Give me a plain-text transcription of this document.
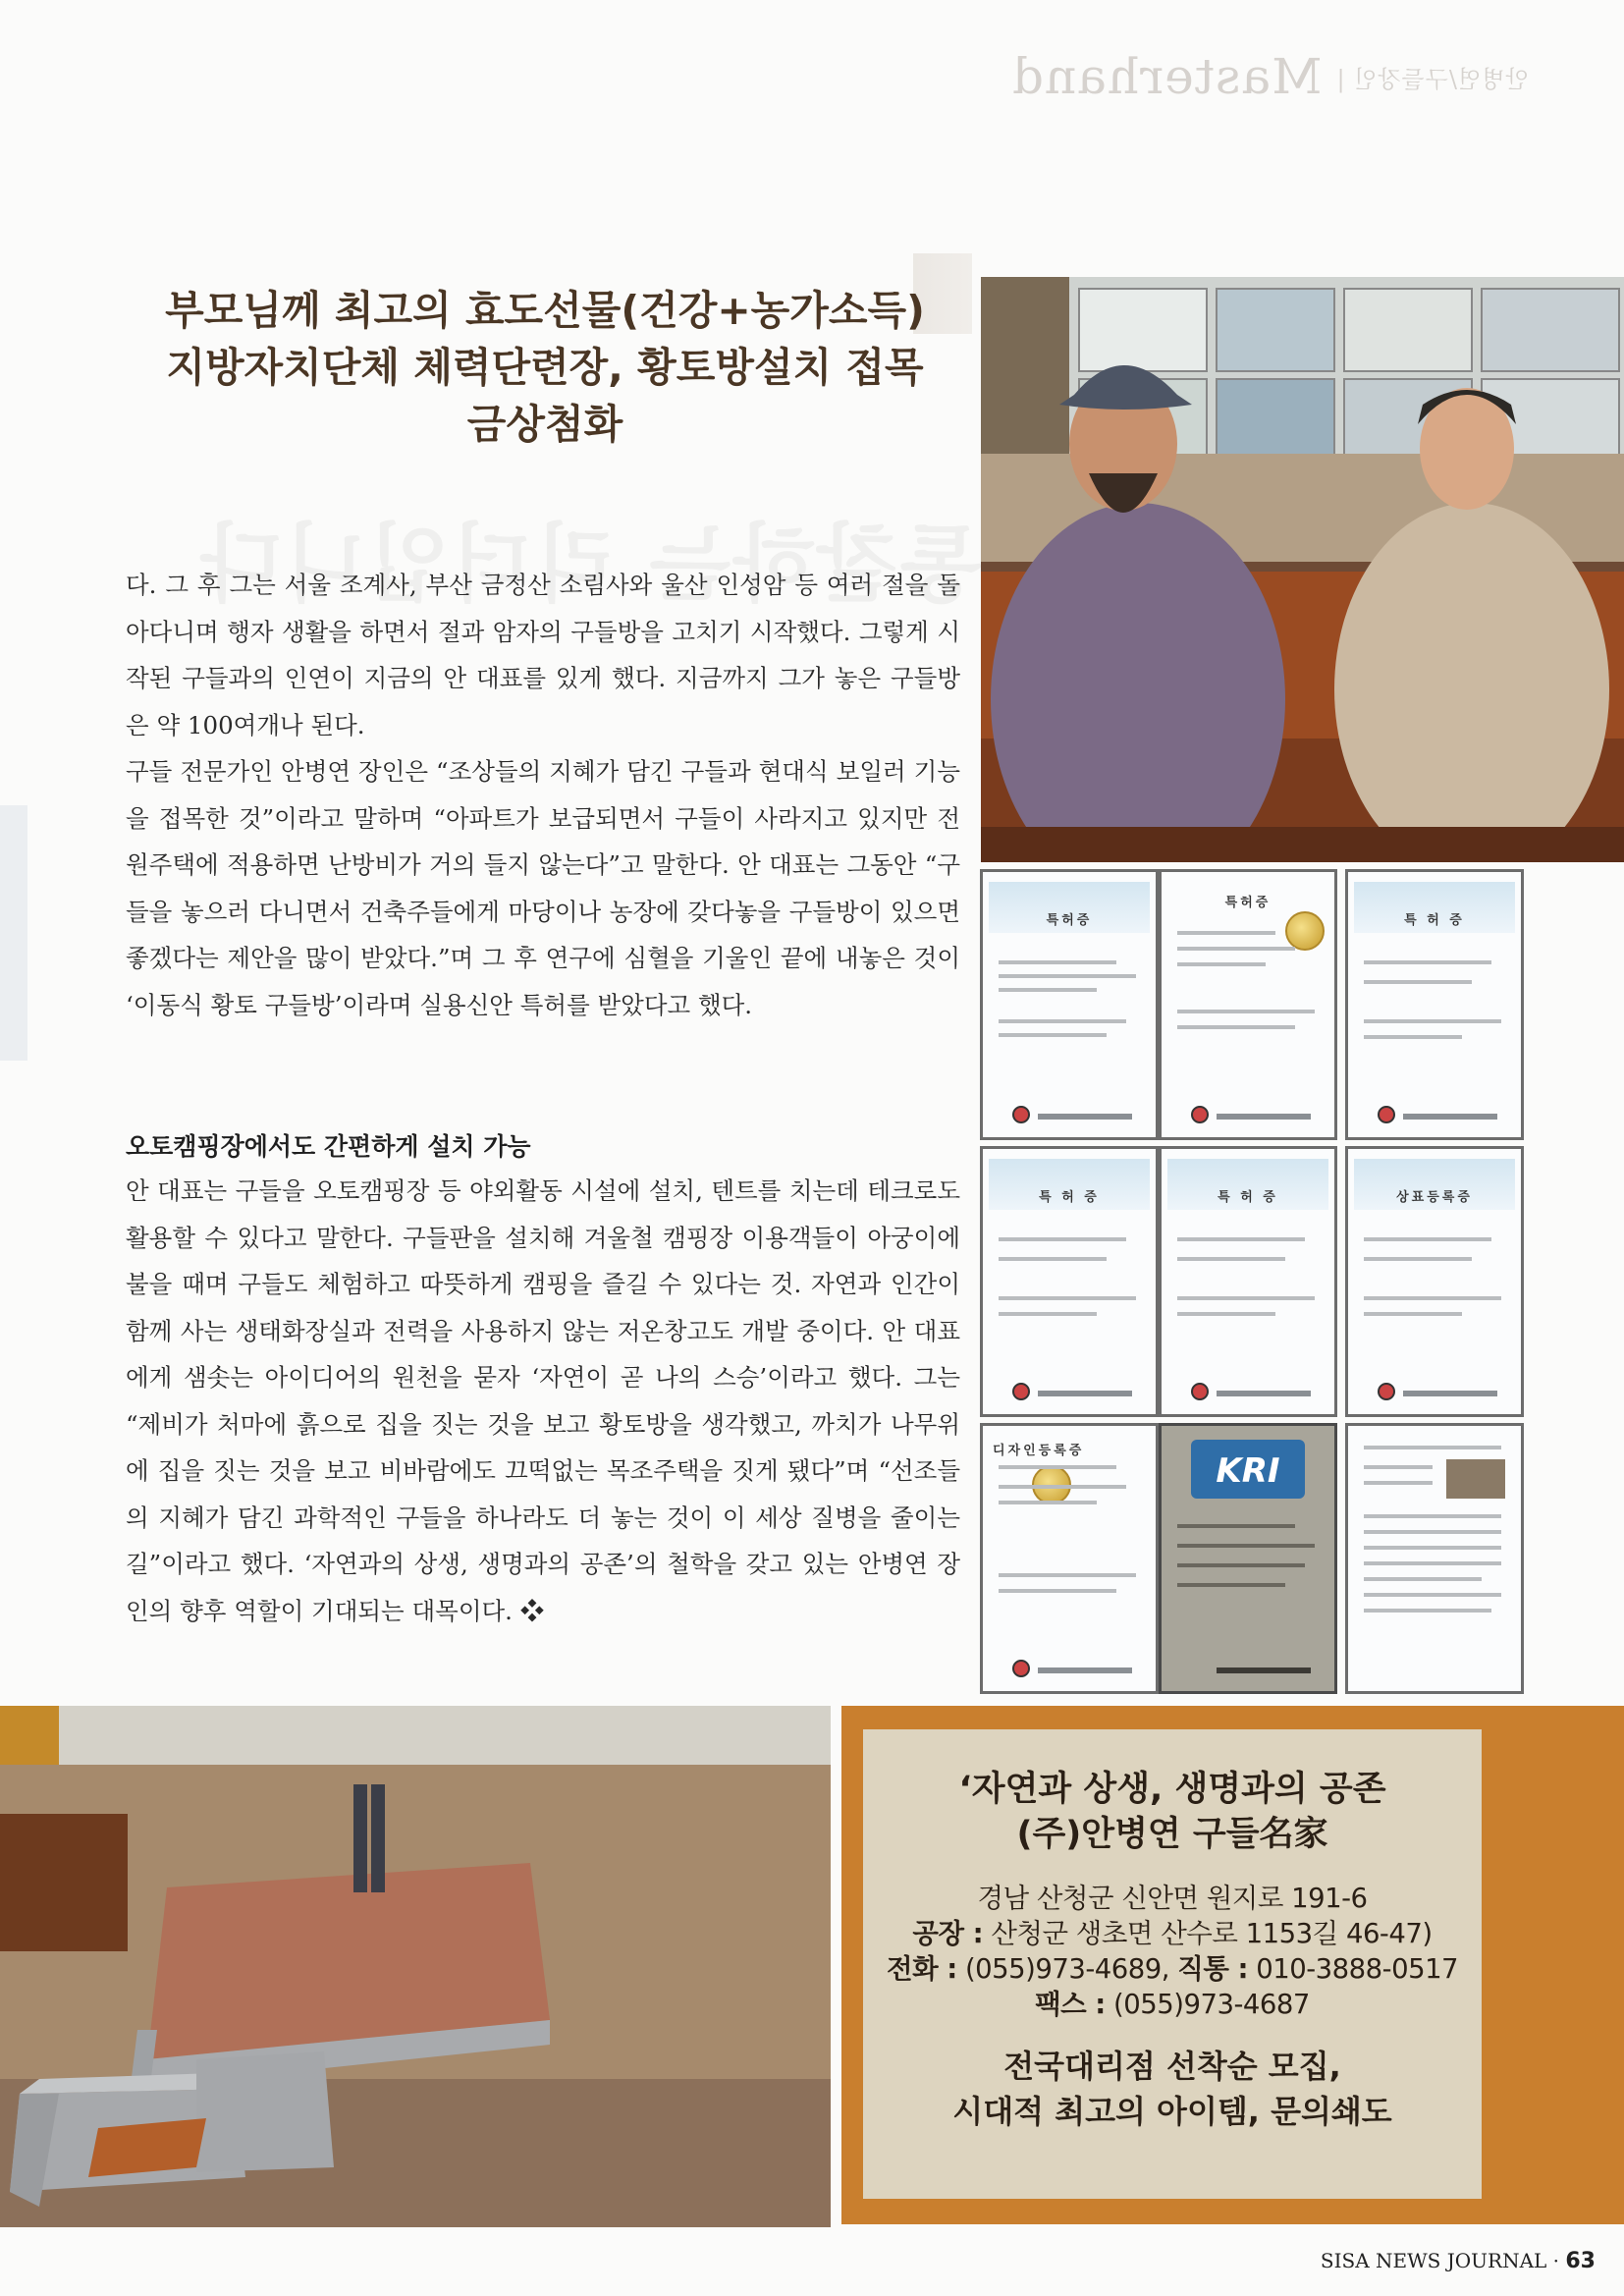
안병연/구들장인 |
Masterhand
부모님께 최고의 효도선물(건강+농가소득)
지방자치단체 체력단련장, 황토방설치 접목
금상첨화

다. 그 후 그는 서울 조계사, 부산 금정산 소림사와 울산 인성암 등 여러 절을 돌아다니며 행자 생활을 하면서 절과 암자의 구들방을 고치기 시작했다. 그렇게 시작된 구들과의 인연이 지금의 안 대표를 있게 했다. 지금까지 그가 놓은 구들방은 약 100여개나 된다.

구들 전문가인 안병연 장인은 “조상들의 지혜가 담긴 구들과 현대식 보일러 기능을 접목한 것”이라고 말하며 “아파트가 보급되면서 구들이 사라지고 있지만 전원주택에 적용하면 난방비가 거의 들지 않는다”고 말한다. 안 대표는 그동안 “구들을 놓으러 다니면서 건축주들에게 마당이나 농장에 갖다놓을 구들방이 있으면 좋겠다는 제안을 많이 받았다.”며 그 후 연구에 심혈을 기울인 끝에 내놓은 것이 ‘이동식 황토 구들방’이라며 실용신안 특허를 받았다고 했다.

오토캠핑장에서도 간편하게 설치 가능

안 대표는 구들을 오토캠핑장 등 야외활동 시설에 설치, 텐트를 치는데 테크로도 활용할 수 있다고 말한다. 구들판을 설치해 겨울철 캠핑장 이용객들이 아궁이에 불을 때며 구들도 체험하고 따뜻하게 캠핑을 즐길 수 있다는 것. 자연과 인간이 함께 사는 생태화장실과 전력을 사용하지 않는 저온창고도 개발 중이다. 안 대표에게 샘솟는 아이디어의 원천을 묻자 ‘자연이 곧 나의 스승’이라고 했다. 그는 “제비가 처마에 흙으로 집을 짓는 것을 보고 황토방을 생각했고, 까치가 나무위에 집을 짓는 것을 보고 비바람에도 끄떡없는 목조주택을 짓게 됐다”며 “선조들의 지혜가 담긴 과학적인 구들을 하나라도 더 놓는 것이 이 세상 질병을 줄이는 길”이라고 했다. ‘자연과의 상생, 생명과의 공존’의 철학을 갖고 있는 안병연 장인의 향후 역할이 기대되는 대목이다. ❖

특허증
특허증
특 허 증
특 허 증	특 허 증	상표등록증
디자인등록증
KRI
‘자연과 상생, 생명과의 공존
(주)안병연 구들名家
경남 산청군 신안면 원지로 191-6
공장 : 산청군 생초면 산수로 1153길 46-47)
전화 : (055)973-4689, 직통 : 010-3888-0517
팩스 : (055)973-4687
전국대리점 선착순 모집,
시대적 최고의 아이템, 문의쇄도
SISA NEWS JOURNAL · 63
